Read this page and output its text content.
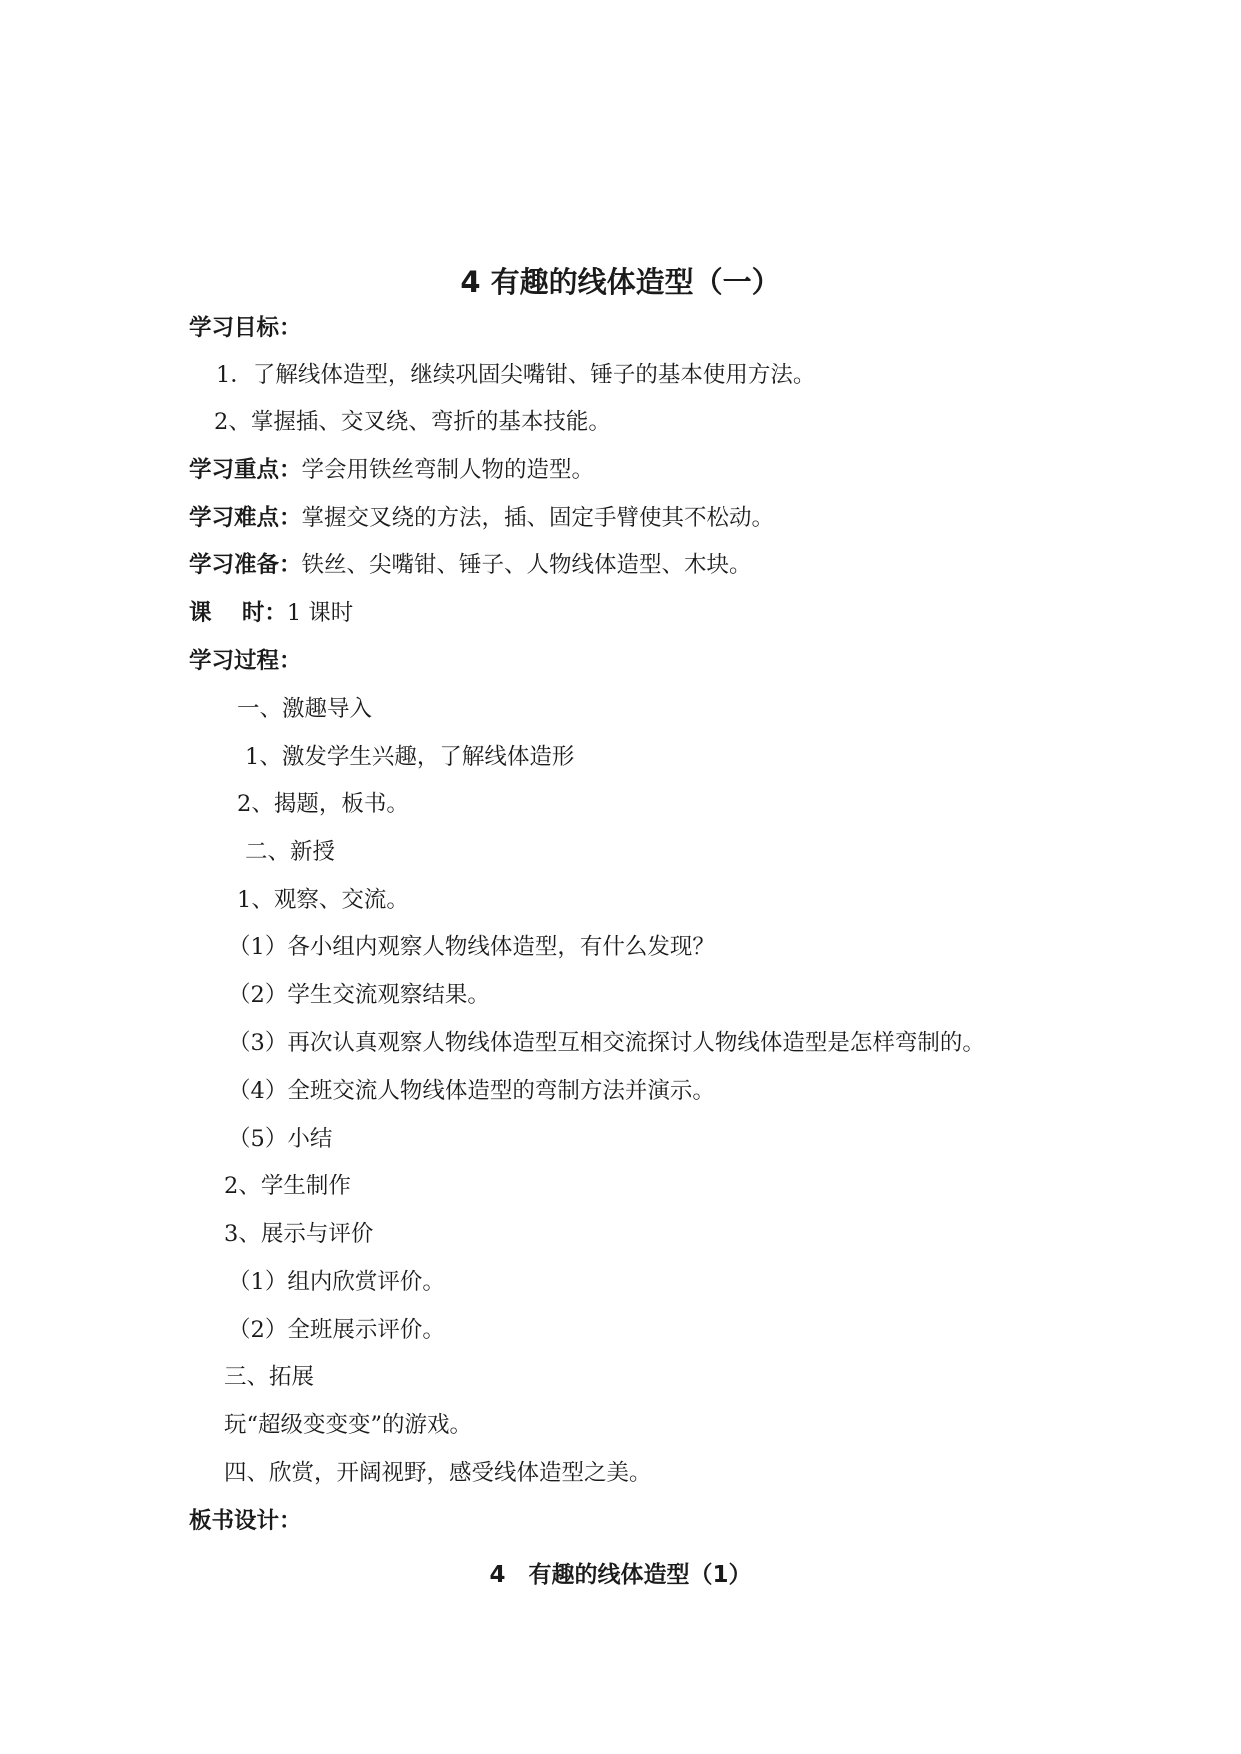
4 有趣的线体造型（一）
学习目标：
1．了解线体造型，继续巩固尖嘴钳、锤子的基本使用方法。
2、掌握插、交叉绕、弯折的基本技能。
学习重点：学会用铁丝弯制人物的造型。
学习难点：掌握交叉绕的方法，插、固定手臂使其不松动。
学习准备：铁丝、尖嘴钳、锤子、人物线体造型、木块。
课　 时：1 课时
学习过程：
一、激趣导入
1、激发学生兴趣，了解线体造形
2、揭题，板书。
二、新授
1、观察、交流。
（1）各小组内观察人物线体造型，有什么发现？
（2）学生交流观察结果。
（3）再次认真观察人物线体造型互相交流探讨人物线体造型是怎样弯制的。
（4）全班交流人物线体造型的弯制方法并演示。
（5）小结
2、学生制作
3、展示与评价
（1）组内欣赏评价。
（2）全班展示评价。
三、拓展
玩“超级变变变”的游戏。
四、欣赏，开阔视野，感受线体造型之美。
板书设计：
4　有趣的线体造型（1）
